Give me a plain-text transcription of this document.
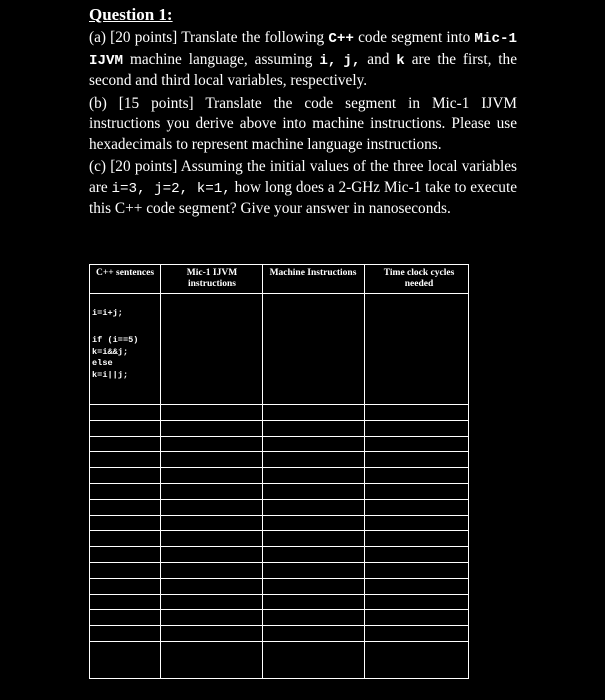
Question 1:

(a) [20 points] Translate the following C++ code segment into Mic-1 IJVM machine language, assuming i, j, and k are the first, the second and third local variables, respectively.

(b) [15 points] Translate the code segment in Mic-1 IJVM instructions you derive above into machine instructions. Please use hexadecimals to represent machine language instructions.

(c) [20 points] Assuming the initial values of the three local variables are i=3, j=2, k=1, how long does a 2-GHz Mic-1 take to execute this C++ code segment? Give your answer in nanoseconds.

C++ sentences	Mic-1 IJVM instructions
Machine Instructions	Time clock cycles needed
i=i+j;
if (i==5)
k=i&&j;
else
k=i||j;
